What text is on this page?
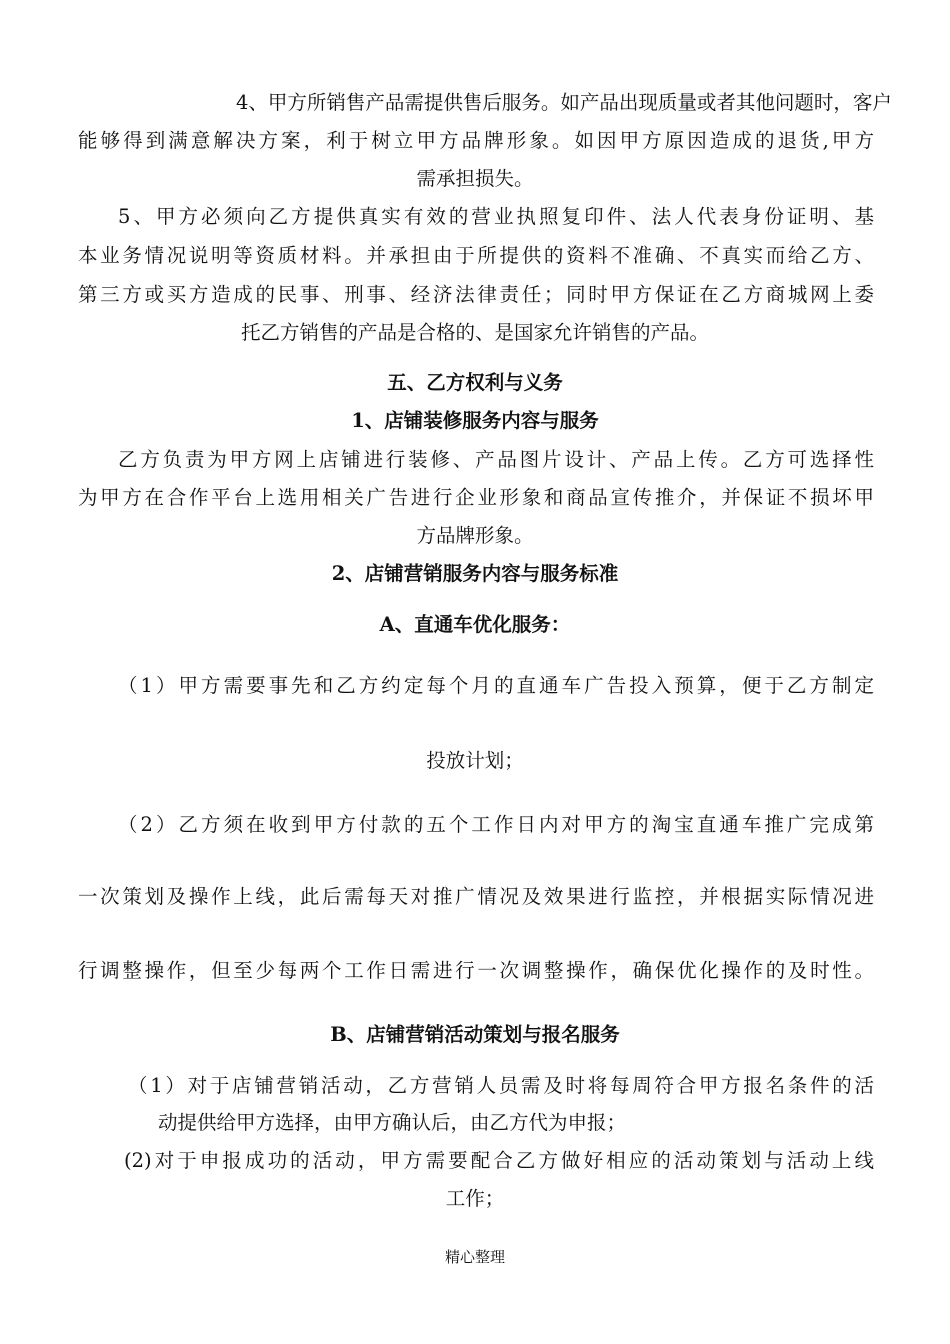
4、甲方所销售产品需提供售后服务。如产品出现质量或者其他问题时，客户
能够得到满意解决方案，利于树立甲方品牌形象。如因甲方原因造成的退货,甲方
需承担损失。
5、甲方必须向乙方提供真实有效的营业执照复印件、法人代表身份证明、基
本业务情况说明等资质材料。并承担由于所提供的资料不准确、不真实而给乙方、
第三方或买方造成的民事、刑事、经济法律责任；同时甲方保证在乙方商城网上委
托乙方销售的产品是合格的、是国家允许销售的产品。
五、乙方权利与义务
1、店铺装修服务内容与服务
乙方负责为甲方网上店铺进行装修、产品图片设计、产品上传。乙方可选择性
为甲方在合作平台上选用相关广告进行企业形象和商品宣传推介，并保证不损坏甲
方品牌形象。
2、店铺营销服务内容与服务标准
A、直通车优化服务：
（1）甲方需要事先和乙方约定每个月的直通车广告投入预算，便于乙方制定
投放计划；
（2）乙方须在收到甲方付款的五个工作日内对甲方的淘宝直通车推广完成第
一次策划及操作上线，此后需每天对推广情况及效果进行监控，并根据实际情况进
行调整操作，但至少每两个工作日需进行一次调整操作，确保优化操作的及时性。
B、店铺营销活动策划与报名服务
（1）对于店铺营销活动，乙方营销人员需及时将每周符合甲方报名条件的活
动提供给甲方选择，由甲方确认后，由乙方代为申报；
(2)对于申报成功的活动，甲方需要配合乙方做好相应的活动策划与活动上线
工作；
精心整理
